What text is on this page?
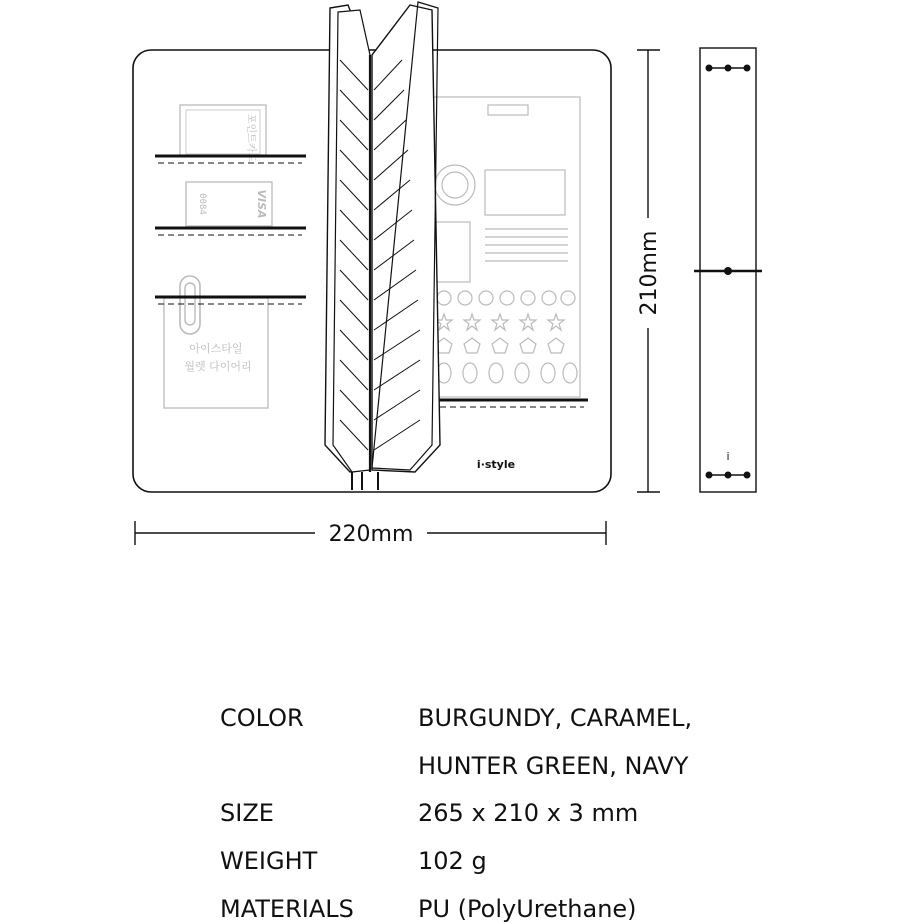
포인트카드
VISA
0084
아이스타일
월렛 다이어리
i·style
210mm
220mm
i
COLOR	BURGUNDY, CARAMEL,
HUNTER GREEN, NAVY
SIZE	265 x 210 x 3 mm
WEIGHT	102 g
MATERIALS	PU (PolyUrethane)
